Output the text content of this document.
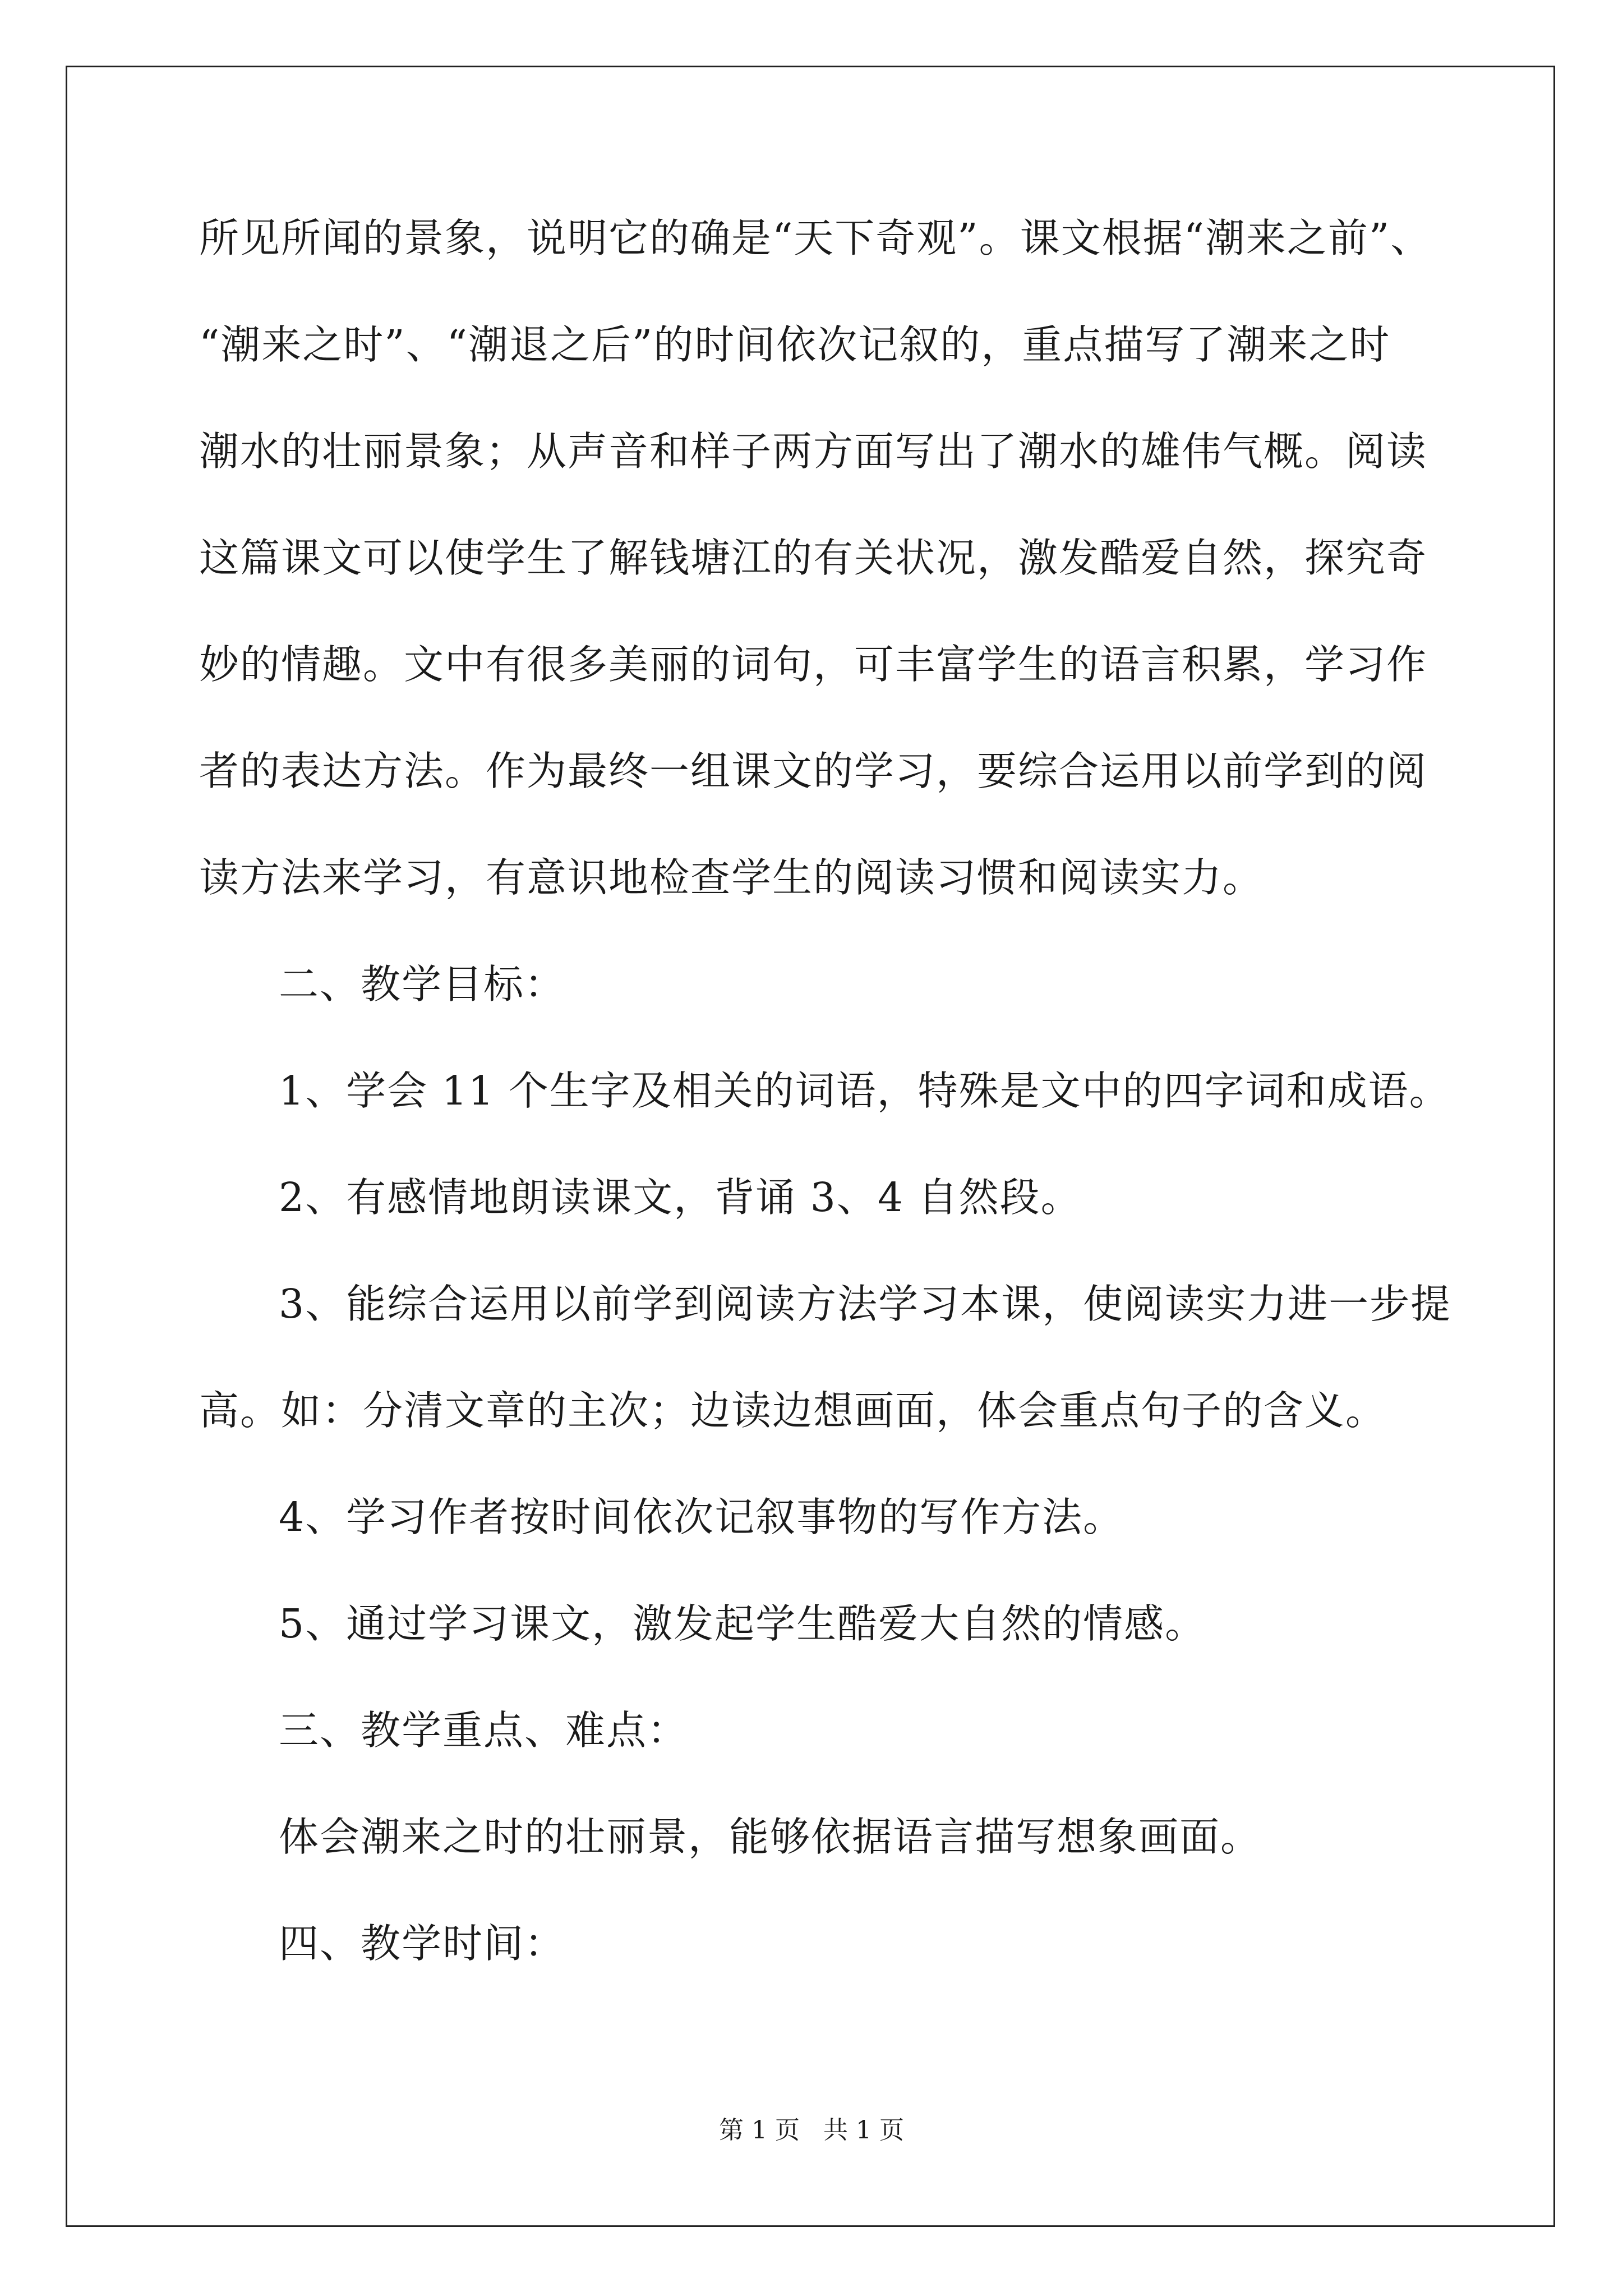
所见所闻的景象，说明它的确是“天下奇观”。课文根据“潮来之前”、
“潮来之时”、“潮退之后”的时间依次记叙的，重点描写了潮来之时
潮水的壮丽景象；从声音和样子两方面写出了潮水的雄伟气概。阅读
这篇课文可以使学生了解钱塘江的有关状况，激发酷爱自然，探究奇
妙的情趣。文中有很多美丽的词句，可丰富学生的语言积累，学习作
者的表达方法。作为最终一组课文的学习，要综合运用以前学到的阅
读方法来学习，有意识地检查学生的阅读习惯和阅读实力。
二、教学目标：
1、学会 11 个生字及相关的词语，特殊是文中的四字词和成语。
2、有感情地朗读课文，背诵 3、4 自然段。
3、能综合运用以前学到阅读方法学习本课，使阅读实力进一步提
高。如：分清文章的主次；边读边想画面，体会重点句子的含义。
4、学习作者按时间依次记叙事物的写作方法。
5、通过学习课文，激发起学生酷爱大自然的情感。
三、教学重点、难点：
体会潮来之时的壮丽景，能够依据语言描写想象画面。
四、教学时间：
第 1 页 共 1 页
